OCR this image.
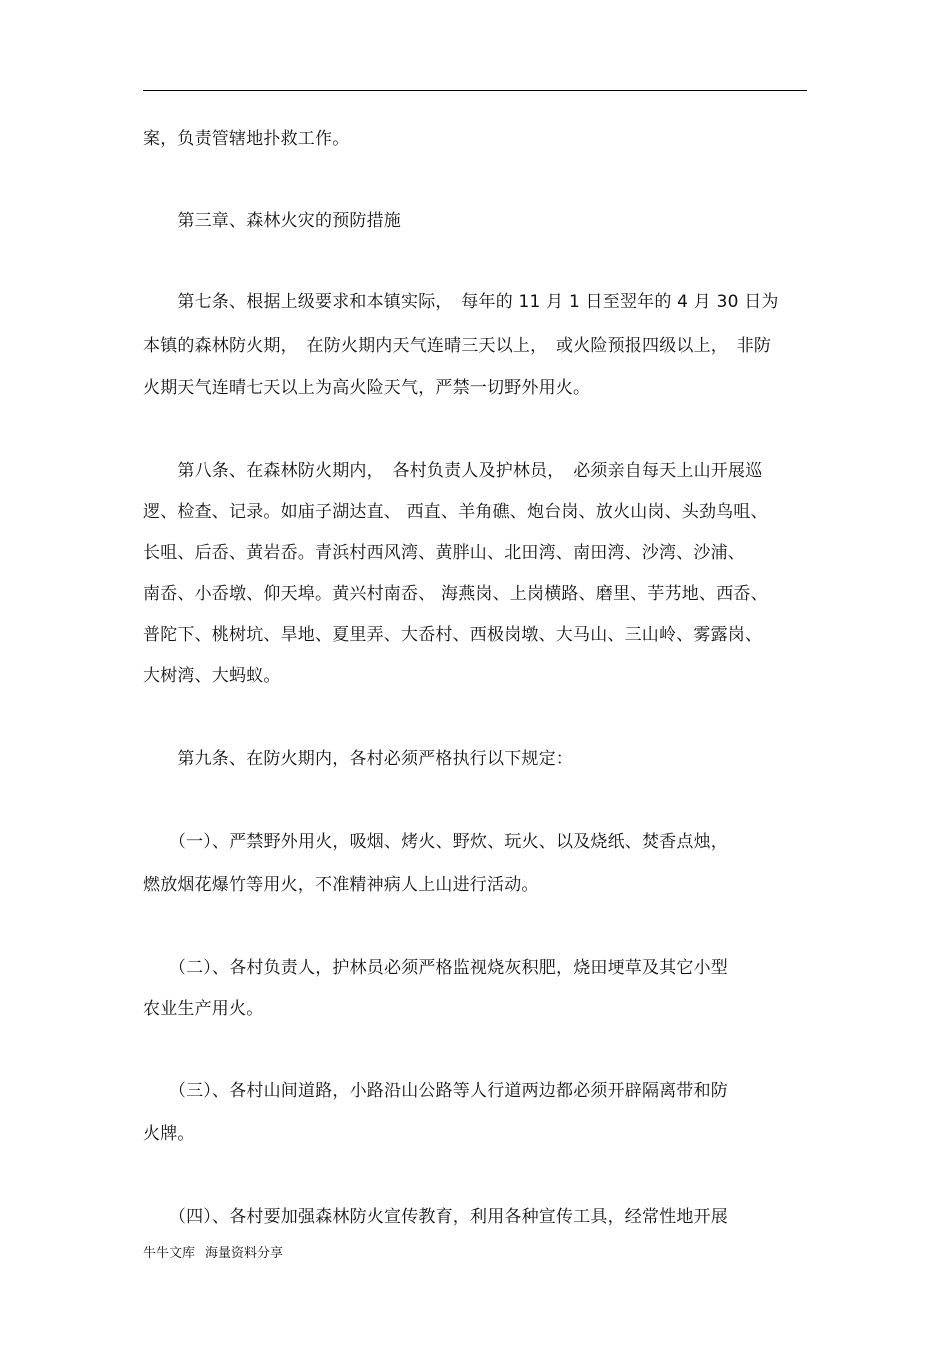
案，负责管辖地扑救工作。
　　第三章、森林火灾的预防措施
　　第七条、根据上级要求和本镇实际，　每年的 11 月 1 日至翌年的 4 月 30 日为
本镇的森林防火期，　在防火期内天气连晴三天以上，　或火险预报四级以上，　非防
火期天气连晴七天以上为高火险天气，严禁一切野外用火。
　　第八条、在森林防火期内，　各村负责人及护林员，　必须亲自每天上山开展巡
逻、检查、记录。如庙子湖达直、 西直、羊角礁、炮台岗、放火山岗、头劲鸟咀、
长咀、后岙、黄岩岙。青浜村西风湾、黄胖山、北田湾、南田湾、沙湾、沙浦、
南岙、小岙墩、仰天埠。黄兴村南岙、 海燕岗、上岗横路、磨里、芋艿地、西岙、
普陀下、桃树坑、旱地、夏里弄、大岙村、西极岗墩、大马山、三山岭、雾露岗、
大树湾、大蚂蚁。
　　第九条、在防火期内，各村必须严格执行以下规定：
　　（一）、严禁野外用火，吸烟、烤火、野炊、玩火、以及烧纸、焚香点烛，
燃放烟花爆竹等用火，不准精神病人上山进行活动。
　　（二）、各村负责人，护林员必须严格监视烧灰积肥，烧田埂草及其它小型
农业生产用火。
　　（三）、各村山间道路，小路沿山公路等人行道两边都必须开辟隔离带和防
火牌。
　　（四）、各村要加强森林防火宣传教育，利用各种宣传工具，经常性地开展
牛牛文库 海量资料分享
